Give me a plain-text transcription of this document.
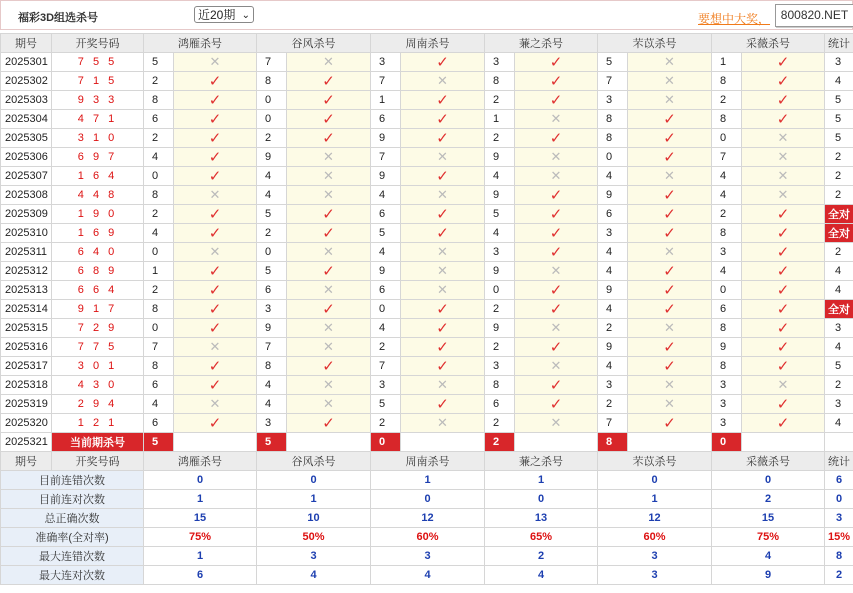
福彩3D组选杀号	近20期 ⌄	要想中大奖， 800820.NET
期号	开奖号码	鸿雁杀号		谷风杀号		周南杀号		蒹之杀号		芣苡杀号		采薇杀号		统计
2025301	7 5 5	5	✕	7	✕	3	✓	3	✓	5	✕	1	✓	3
2025302	7 1 5	2	✓	8	✓	7	✕	8	✓	7	✕	8	✓	4
2025303	9 3 3	8	✓	0	✓	1	✓	2	✓	3	✕	2	✓	5
2025304	4 7 1	6	✓	0	✓	6	✓	1	✕	8	✓	8	✓	5
2025305	3 1 0	2	✓	2	✓	9	✓	2	✓	8	✓	0	✕	5
2025306	6 9 7	4	✓	9	✕	7	✕	9	✕	0	✓	7	✕	2
2025307	1 6 4	0	✓	4	✕	9	✓	4	✕	4	✕	4	✕	2
2025308	4 4 8	8	✕	4	✕	4	✕	9	✓	9	✓	4	✕	2
2025309	1 9 0	2	✓	5	✓	6	✓	5	✓	6	✓	2	✓	全对
2025310	1 6 9	4	✓	2	✓	5	✓	4	✓	3	✓	8	✓	全对
2025311	6 4 0	0	✕	0	✕	4	✕	3	✓	4	✕	3	✓	2
2025312	6 8 9	1	✓	5	✓	9	✕	9	✕	4	✓	4	✓	4
2025313	6 6 4	2	✓	6	✕	6	✕	0	✓	9	✓	0	✓	4
2025314	9 1 7	8	✓	3	✓	0	✓	2	✓	4	✓	6	✓	全对
2025315	7 2 9	0	✓	9	✕	4	✓	9	✕	2	✕	8	✓	3
2025316	7 7 5	7	✕	7	✕	2	✓	2	✓	9	✓	9	✓	4
2025317	3 0 1	8	✓	8	✓	7	✓	3	✕	4	✓	8	✓	5
2025318	4 3 0	6	✓	4	✕	3	✕	8	✓	3	✕	3	✕	2
2025319	2 9 4	4	✕	4	✕	5	✓	6	✓	2	✕	3	✓	3
2025320	1 2 1	6	✓	3	✓	2	✕	2	✕	7	✓	3	✓	4
2025321	当前期杀号	5		5		0		2		8		0		
期号	开奖号码	鸿雁杀号		谷风杀号		周南杀号		蒹之杀号		芣苡杀号		采薇杀号		统计
目前连错次数		0		0		1		1		0		0		6
目前连对次数		1		1		0		0		1		2		0
总正确次数		15		10		12		13		12		15		3
准确率(全对率)		75%		50%		60%		65%		60%		75%		15%
最大连错次数		1		3		3		2		3		4		8
最大连对次数		6		4		4		4		3		9		2
